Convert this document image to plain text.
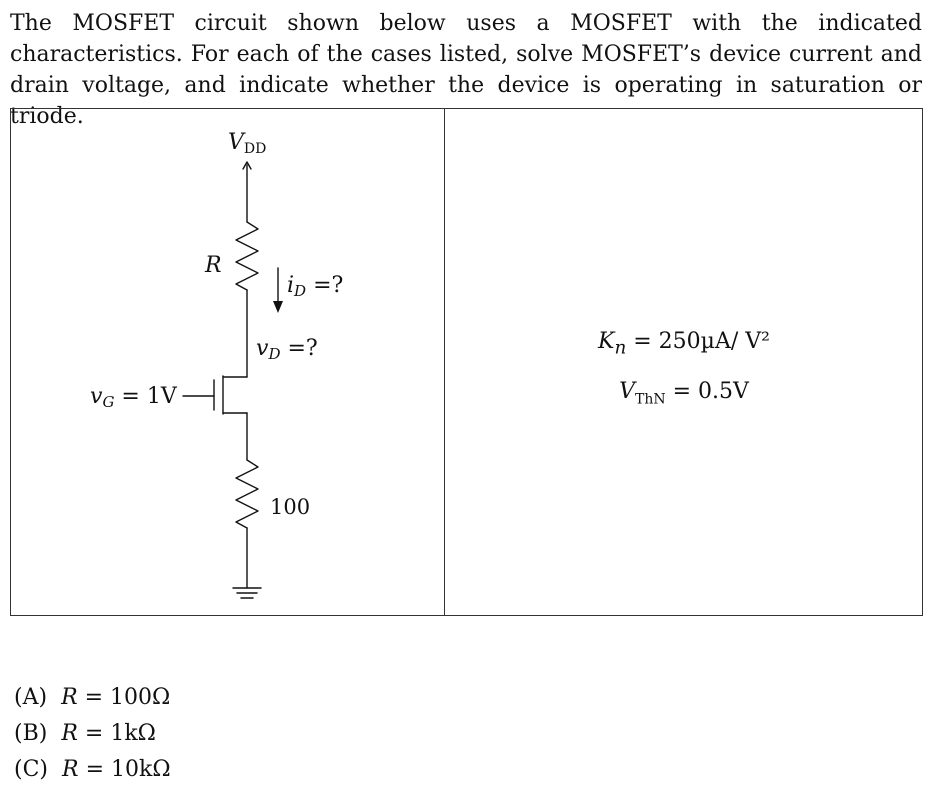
The MOSFET circuit shown below uses a MOSFET with the indicated characteristics. For each of the cases listed, solve MOSFET’s device current and drain voltage, and indicate whether the device is operating in saturation or triode.

VDD
R
iD =?
vD =?
vG = 1V
100
$K_n = 250\mu A/$ V²
$V_{ThN} = 0.5V$
(A) R = 100Ω
(B) R = 1kΩ
(C) R = 10kΩ
